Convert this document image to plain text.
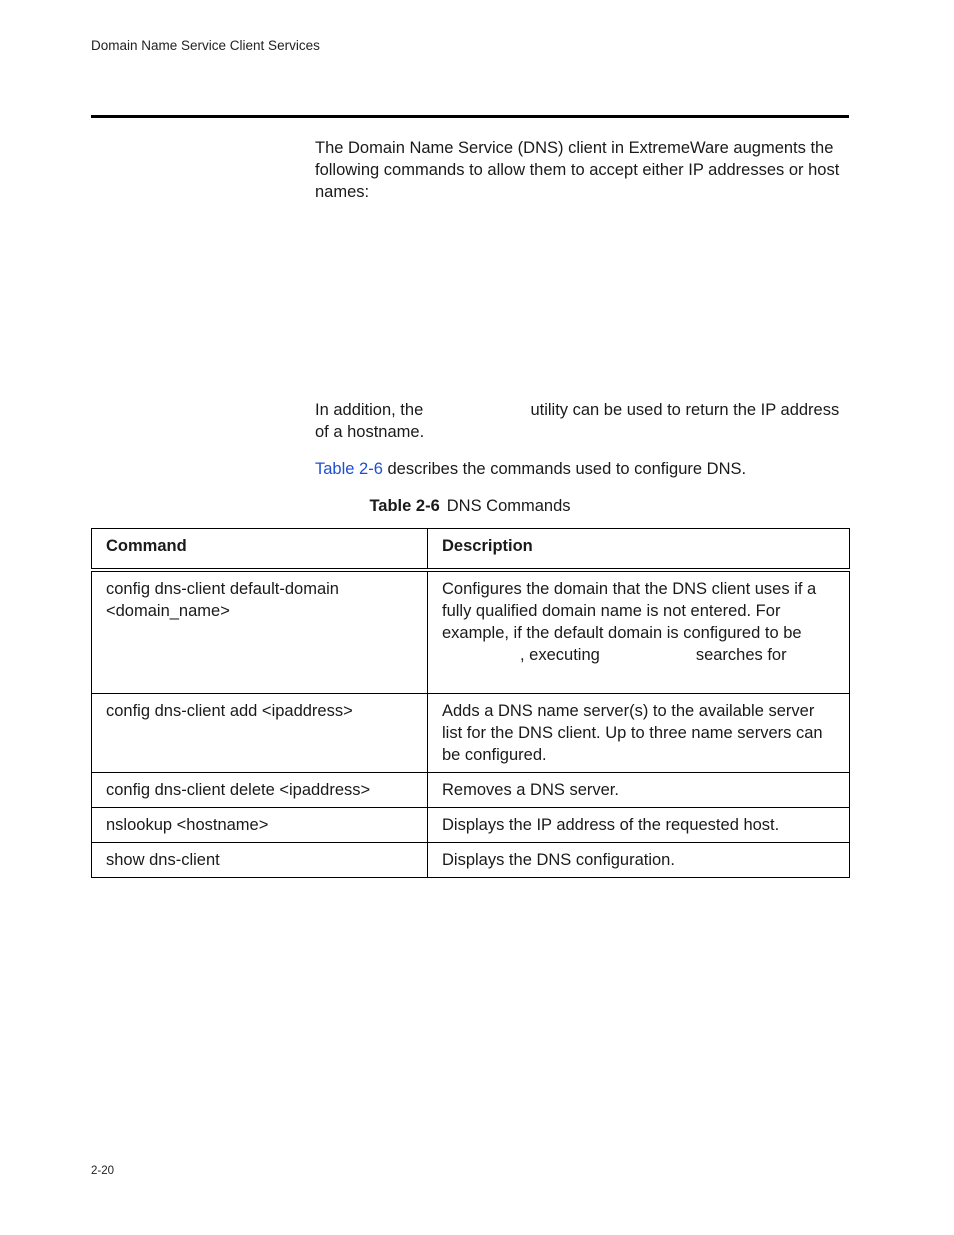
Domain Name Service Client Services
The Domain Name Service (DNS) client in ExtremeWare augments the following commands to allow them to accept either IP addresses or host names:
In addition, the	utility can be used to return the IP address of a hostname.
Table 2-6 describes the commands used to configure DNS.
Table 2-6 DNS Commands
Command	Description
config dns-client default-domain <domain_name>	Configures the domain that the DNS client uses if a fully qualified domain name is not entered. For example, if the default domain is configured to be
, executing searches for
config dns-client add <ipaddress>	Adds a DNS name server(s) to the available server list for the DNS client. Up to three name servers can be configured.
config dns-client delete <ipaddress>	Removes a DNS server.
nslookup <hostname>	Displays the IP address of the requested host.
show dns-client	Displays the DNS configuration.
2-20
